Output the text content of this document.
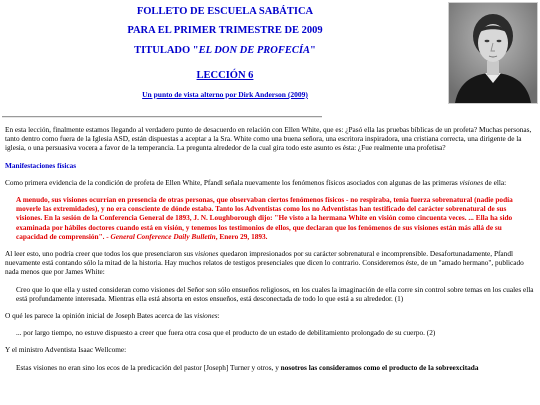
FOLLETO DE ESCUELA SABÁTICA
PARA EL PRIMER TRIMESTRE DE 2009
TITULADO "EL DON DE PROFECÍA"
LECCIÓN 6
Un punto de vista alterno por Dirk Anderson (2009)

En esta lección, finalmente estamos llegando al verdadero punto de desacuerdo en relación con Ellen White, que es: ¿Pasó ella las pruebas bíblicas de un profeta? Muchas personas, tanto dentro como fuera de la Iglesia ASD, están dispuestas a aceptar a la Sra. White como una buena señora, una escritora inspiradora, una cristiana correcta, una dirigente de la iglesia, o una persuasiva vocera a favor de la temperancia. La pregunta alrededor de la cual gira todo este asunto es ésta: ¿Fue realmente una profetisa?

Manifestaciones físicas

Como primera evidencia de la condición de profeta de Ellen White, Pfandl señala nuevamente los fenómenos físicos asociados con algunas de las primeras visiones de ella:

A menudo, sus visiones ocurrían en presencia de otras personas, que observaban ciertos fenómenos físicos - no respiraba, tenía fuerza sobrenatural (nadie podía moverle las extremidades), y no era consciente de dónde estaba. Tanto los Adventistas como los no Adventistas han testificado del carácter sobrenatural de sus visiones. En la sesión de la Conferencia General de 1893, J. N. Loughborough dijo: "He visto a la hermana White en visión como cincuenta veces. ... Ella ha sido examinada por hábiles doctores cuando está en visión, y tenemos los testimonios de ellos, que declaran que los fenómenos de sus visiones están más allá de su capacidad de comprensión". - General Conference Daily Bulletin, Enero 29, 1893.

Al leer esto, uno podría creer que todos los que presenciaron sus visiones quedaron impresionados por su carácter sobrenatural e incomprensible. Desafortunadamente, Pfandl nuevamente está contando sólo la mitad de la historia. Hay muchos relatos de testigos presenciales que dicen lo contrario. Consideremos éste, de un "amado hermano", publicado nada menos que por James White:

Creo que lo que ella y usted consideran como visiones del Señor son sólo ensueños religiosos, en los cuales la imaginación de ella corre sin control sobre temas en los cuales ella está profundamente interesada. Mientras ella está absorta en estos ensueños, está desconectada de todo lo que está a su alrededor. (1)

O qué les parece la opinión inicial de Joseph Bates acerca de las visiones:

... por largo tiempo, no estuve dispuesto a creer que fuera otra cosa que el producto de un estado de debilitamiento prolongado de su cuerpo. (2)

Y el ministro Adventista Isaac Wellcome:

Estas visiones no eran sino los ecos de la predicación del pastor [Joseph] Turner y otros, y nosotros las consideramos como el producto de la sobreexcitada
